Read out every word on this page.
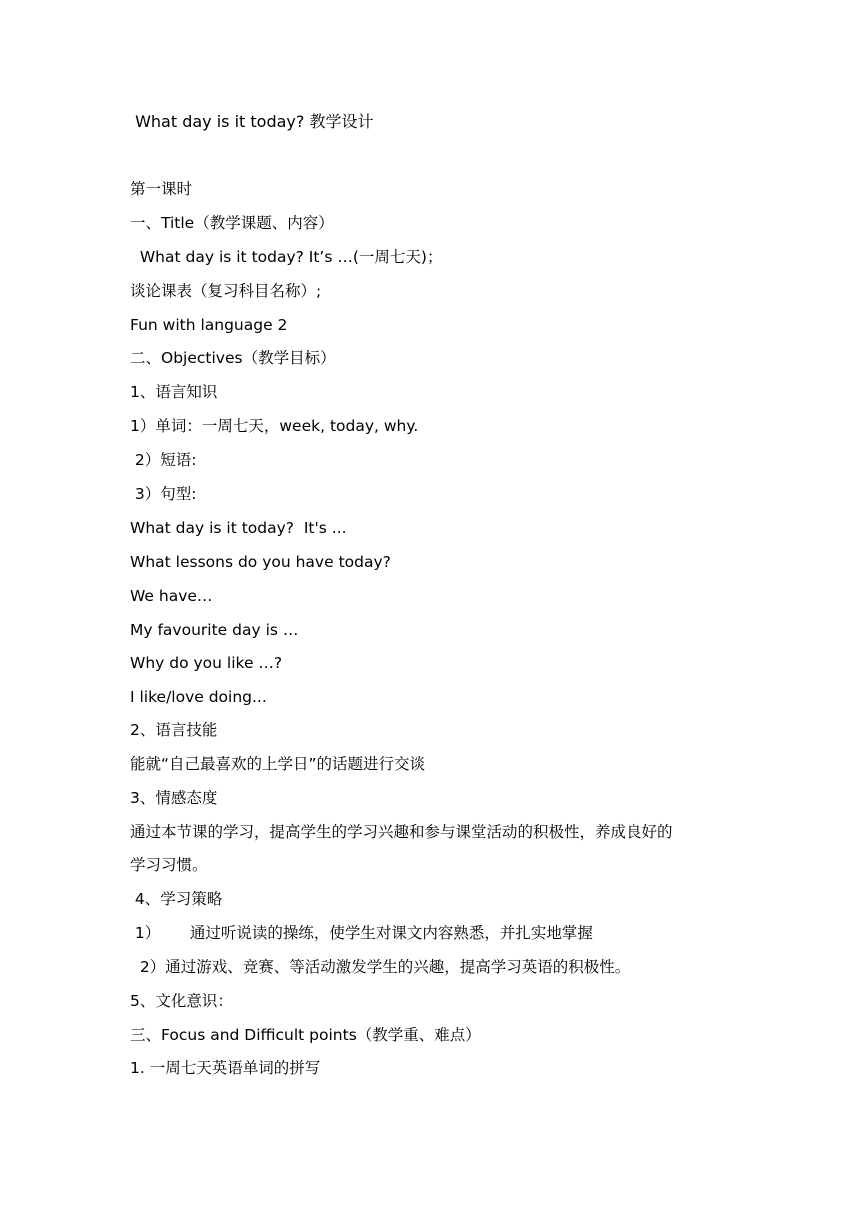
What day is it today? 教学设计
第一课时
一、Title（教学课题、内容）
What day is it today? It’s …(一周七天)；
谈论课表（复习科目名称）;
Fun with language 2
二、Objectives（教学目标）
1、语言知识
1）单词：一周七天，week, today, why.
2）短语:
3）句型:
What day is it today?  It's ...
What lessons do you have today?
We have…
My favourite day is …
Why do you like …?
I like/love doing...
2、语言技能
能就“自己最喜欢的上学日”的话题进行交谈
3、情感态度
通过本节课的学习，提高学生的学习兴趣和参与课堂活动的积极性，养成良好的
学习习惯。
4、学习策略
1）      通过听说读的操练，使学生对课文内容熟悉，并扎实地掌握
2）通过游戏、竞赛、等活动激发学生的兴趣，提高学习英语的积极性。
5、文化意识：
三、Focus and Difficult points（教学重、难点）
1. 一周七天英语单词的拼写
